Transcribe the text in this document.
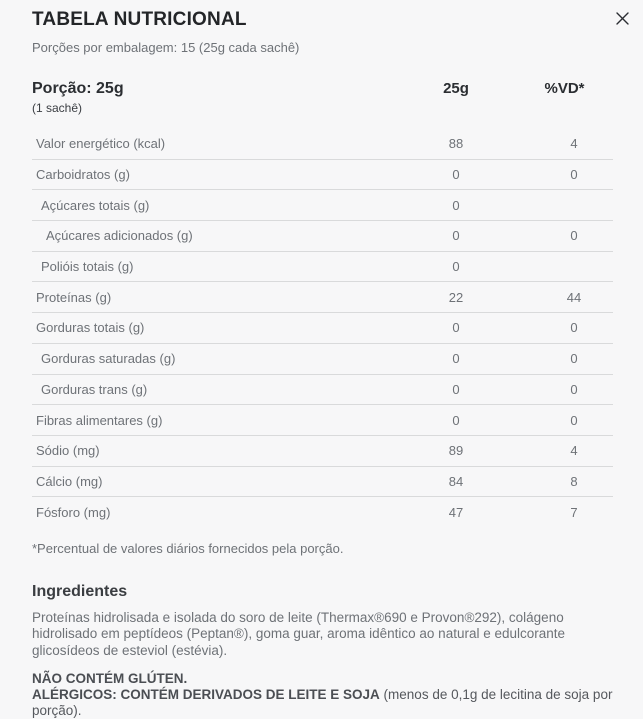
TABELA NUTRICIONAL
Porções por embalagem: 15 (25g cada sachê)
Porção: 25g	25g	%VD*
(1 sachê)
Valor energético (kcal)	88	4
Carboidratos (g)	0	0
Açúcares totais (g)	0
Açúcares adicionados (g)	0	0
Polióis totais (g)	0
Proteínas (g)	22	44
Gorduras totais (g)	0	0
Gorduras saturadas (g)	0	0
Gorduras trans (g)	0	0
Fibras alimentares (g)	0	0
Sódio (mg)	89	4
Cálcio (mg)	84	8
Fósforo (mg)	47	7
*Percentual de valores diários fornecidos pela porção.
Ingredientes
Proteínas hidrolisada e isolada do soro de leite (Thermax®690 e Provon®292), colágeno hidrolisado em peptídeos (Peptan®), goma guar, aroma idêntico ao natural e edulcorante glicosídeos de esteviol (estévia).
NÃO CONTÉM GLÚTEN.
ALÉRGICOS: CONTÉM DERIVADOS DE LEITE E SOJA (menos de 0,1g de lecitina de soja por porção).
